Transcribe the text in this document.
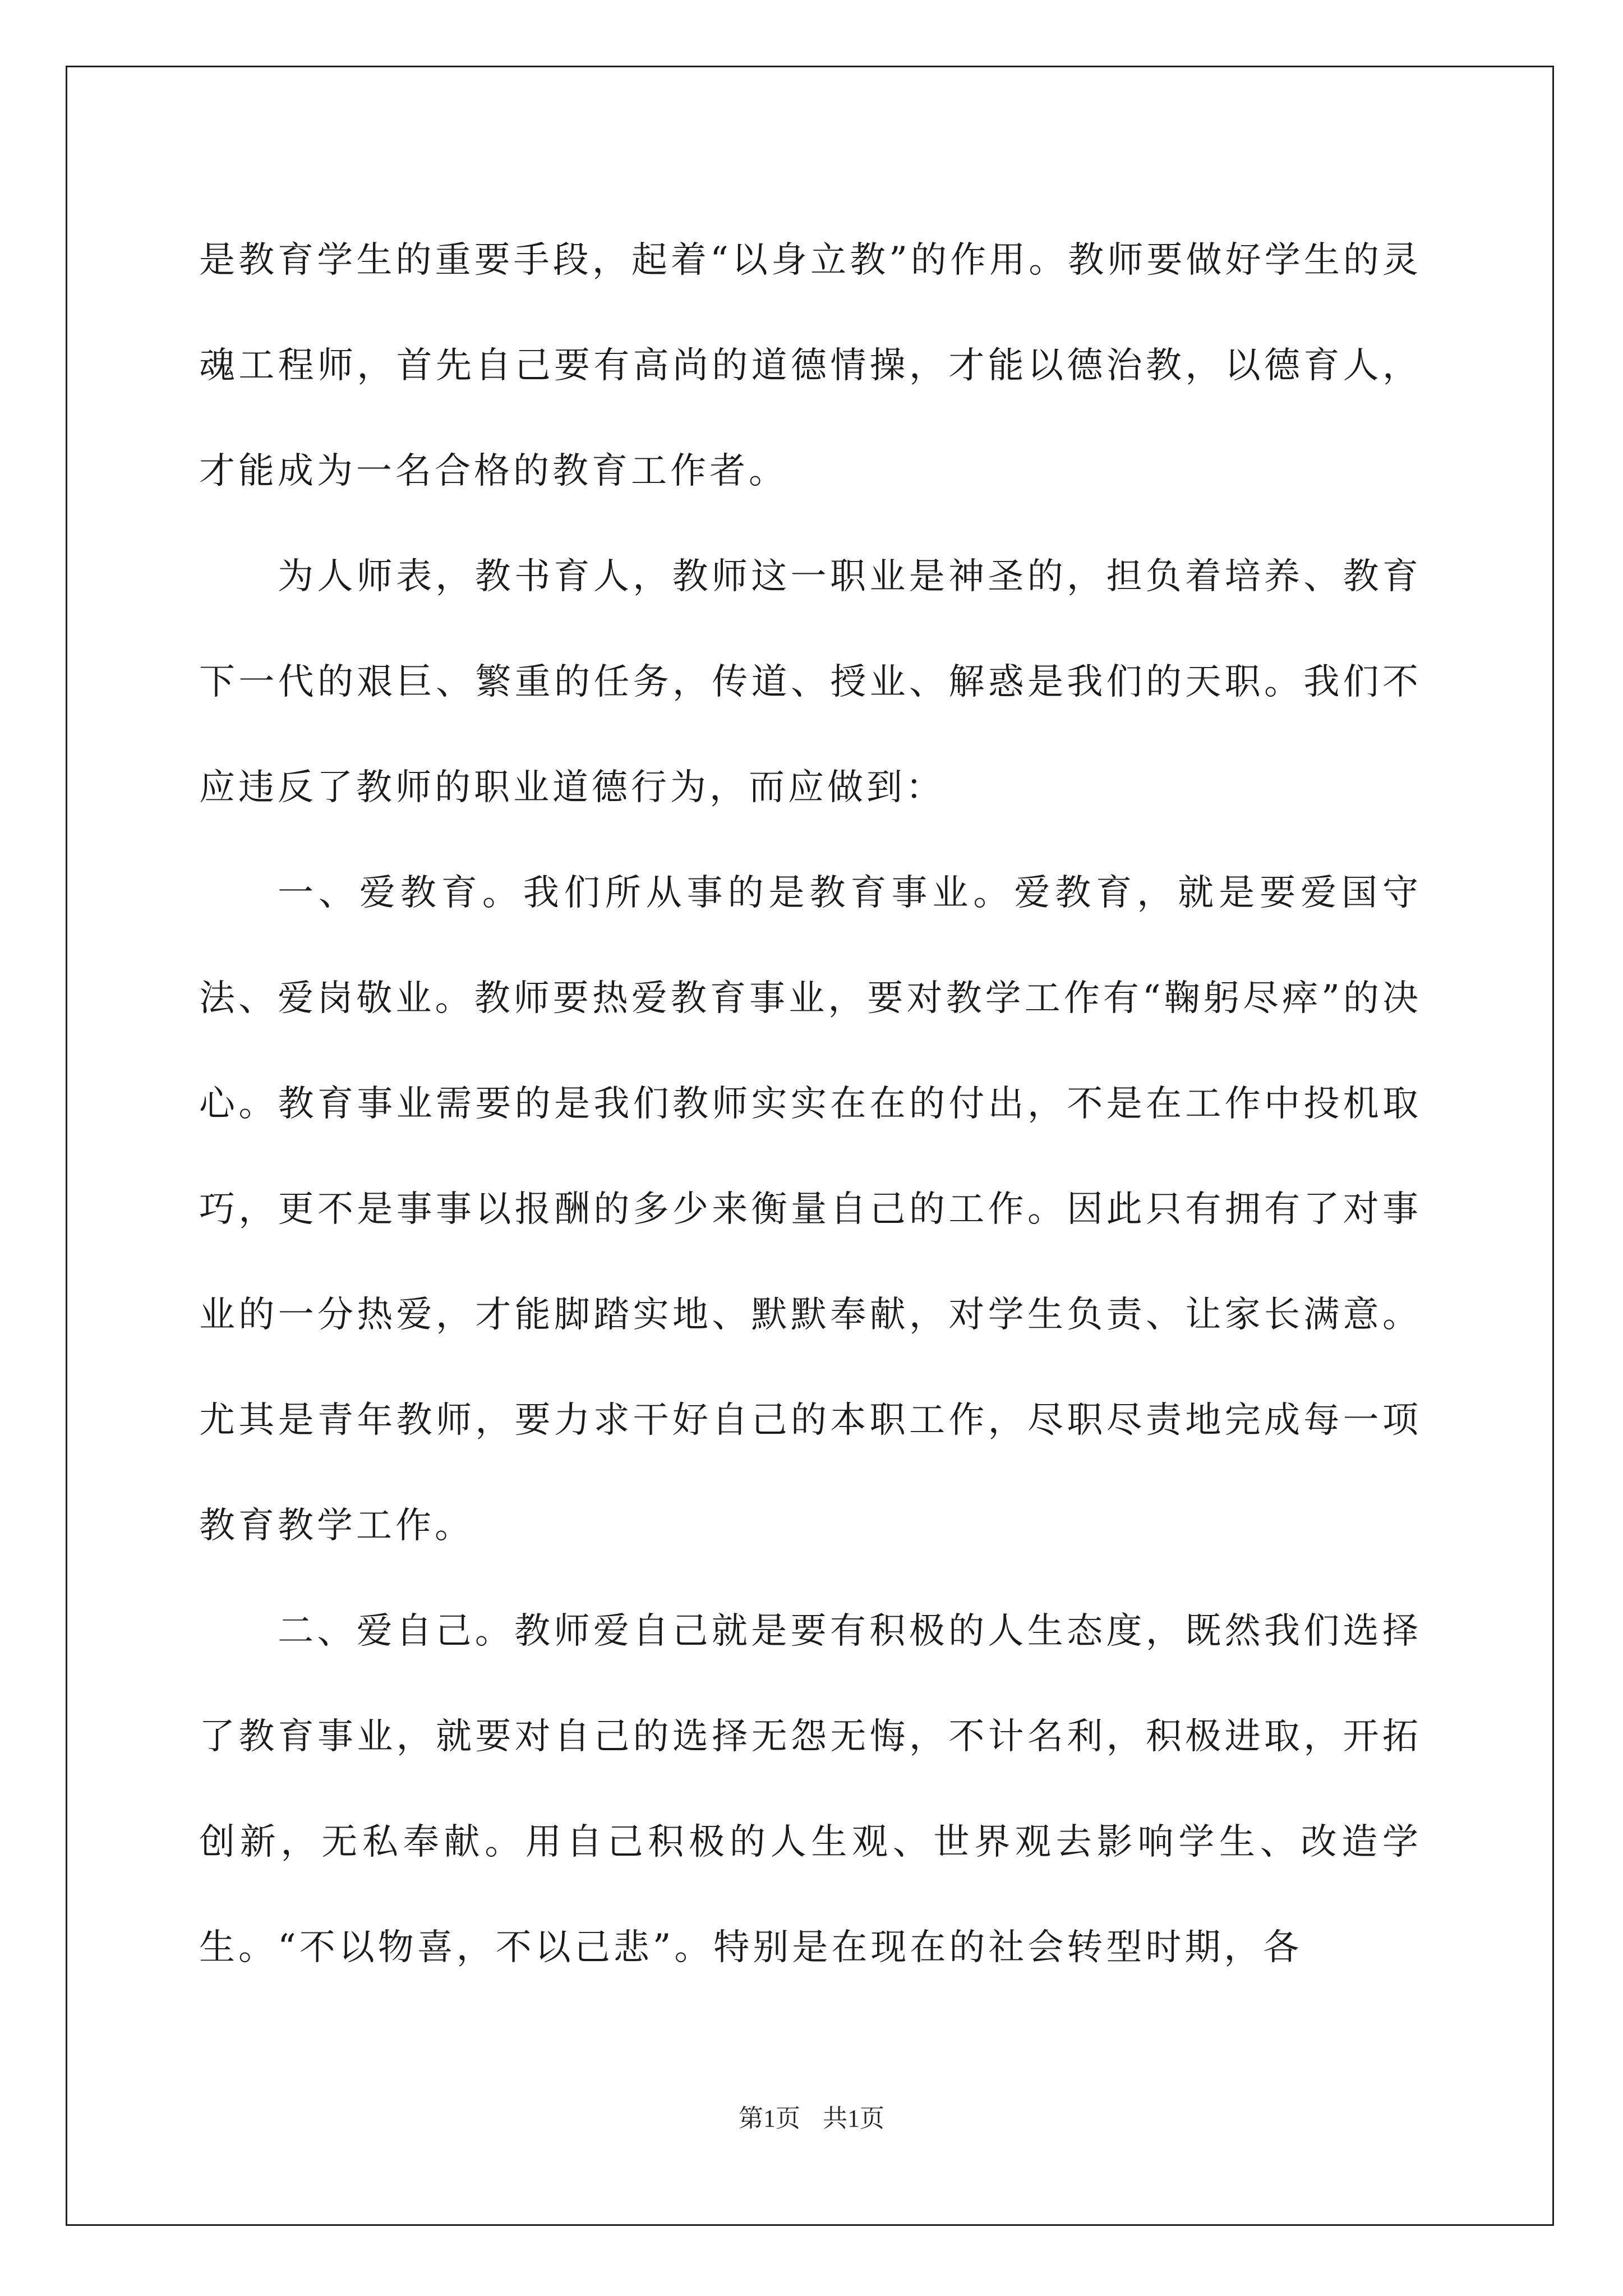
是教育学生的重要手段，起着“以身立教”的作用。教师要做好学生的灵魂工程师，首先自己要有高尚的道德情操，才能以德治教，以德育人，才能成为一名合格的教育工作者。

为人师表，教书育人，教师这一职业是神圣的，担负着培养、教育下一代的艰巨、繁重的任务，传道、授业、解惑是我们的天职。我们不应违反了教师的职业道德行为，而应做到：

一、爱教育。我们所从事的是教育事业。爱教育，就是要爱国守法、爱岗敬业。教师要热爱教育事业，要对教学工作有“鞠躬尽瘁”的决心。教育事业需要的是我们教师实实在在的付出，不是在工作中投机取巧，更不是事事以报酬的多少来衡量自己的工作。因此只有拥有了对事业的一分热爱，才能脚踏实地、默默奉献，对学生负责、让家长满意。尤其是青年教师，要力求干好自己的本职工作，尽职尽责地完成每一项教育教学工作。

二、爱自己。教师爱自己就是要有积极的人生态度，既然我们选择了教育事业，就要对自己的选择无怨无悔，不计名利，积极进取，开拓创新，无私奉献。用自己积极的人生观、世界观去影响学生、改造学生。“不以物喜，不以己悲”。特别是在现在的社会转型时期，各

第1页 共1页
